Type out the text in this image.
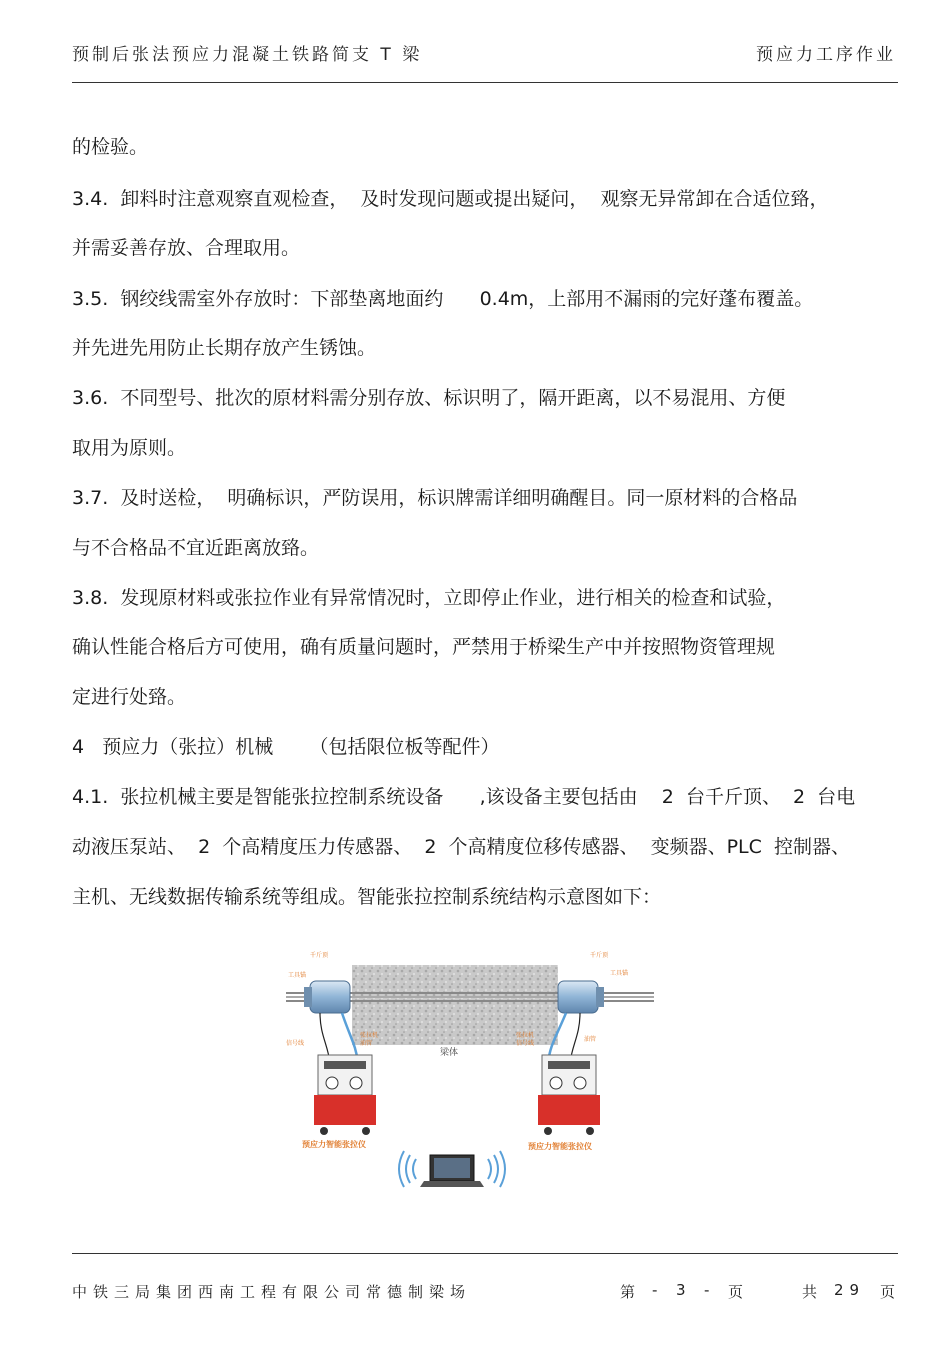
预制后张法预应力混凝土铁路简支 T 梁	预应力工序作业
的检验。
3.4.  卸料时注意观察直观检查，  及时发现问题或提出疑问，  观察无异常卸在合适位臵，
并需妥善存放、合理取用。
3.5.  钢绞线需室外存放时：下部垫离地面约      0.4m，上部用不漏雨的完好蓬布覆盖。
并先进先用防止长期存放产生锈蚀。
3.6.  不同型号、批次的原材料需分别存放、标识明了，隔开距离，以不易混用、方便
取用为原则。
3.7.  及时送检，  明确标识，严防误用，标识牌需详细明确醒目。同一原材料的合格品
与不合格品不宜近距离放臵。
3.8.  发现原材料或张拉作业有异常情况时，立即停止作业，进行相关的检查和试验，
确认性能合格后方可使用，确有质量问题时，严禁用于桥梁生产中并按照物资管理规
定进行处臵。
4   预应力（张拉）机械      （包括限位板等配件）
4.1.  张拉机械主要是智能张拉控制系统设备      ,该设备主要包括由    2  台千斤顶、  2  台电
动液压泵站、  2  个高精度压力传感器、  2  个高精度位移传感器、  变频器、PLC  控制器、
主机、无线数据传输系统等组成。智能张拉控制系统结构示意图如下：
梁体
千斤顶
工具锚
千斤顶
工具锚
信号线
张拉机
油管
张拉机
信号线
油管
预应力智能张拉仪	预应力智能张拉仪
中铁三局集团西南工程有限公司常德制梁场	第 - 3 - 页	共 29 页
